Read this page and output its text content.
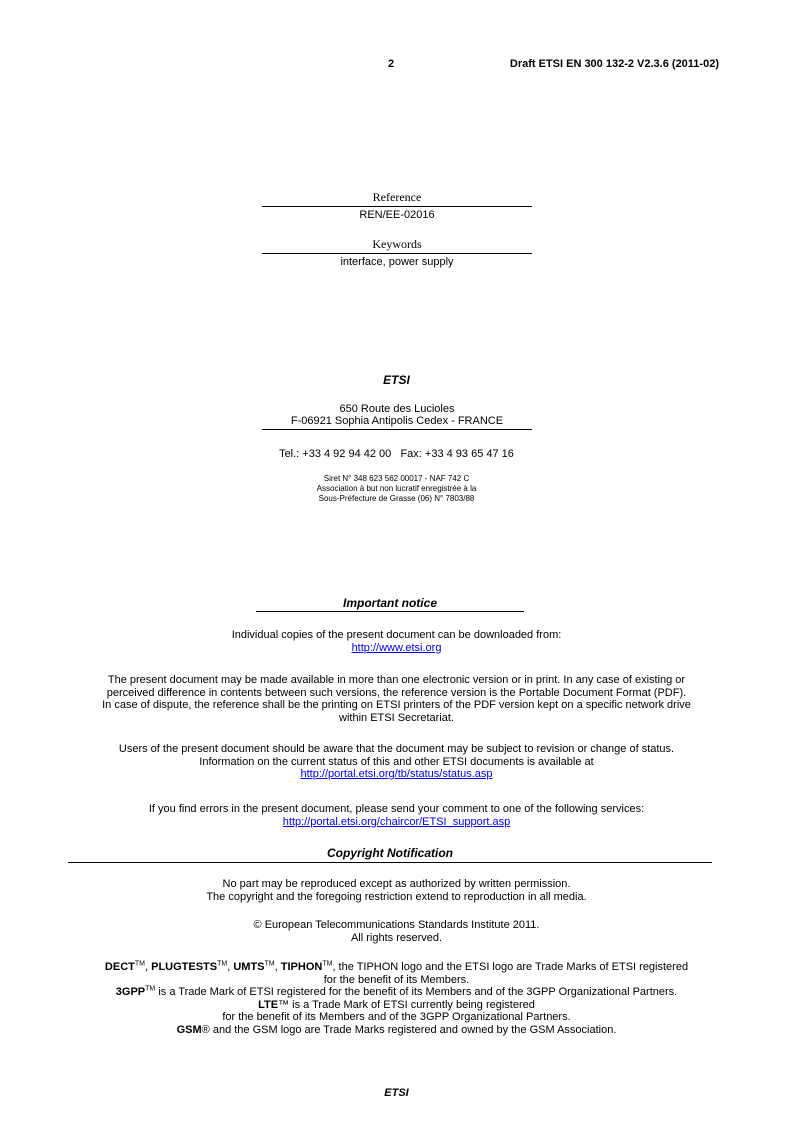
2	Draft ETSI EN 300 132-2 V2.3.6 (2011-02)
Reference
REN/EE-02016
Keywords
interface, power supply
ETSI
650 Route des Lucioles
F-06921 Sophia Antipolis Cedex - FRANCE
Tel.: +33 4 92 94 42 00   Fax: +33 4 93 65 47 16
Siret N° 348 623 562 00017 - NAF 742 C
Association à but non lucratif enregistrée à la
Sous-Préfecture de Grasse (06) N° 7803/88
Important notice
Individual copies of the present document can be downloaded from:
http://www.etsi.org
The present document may be made available in more than one electronic version or in print. In any case of existing or
perceived difference in contents between such versions, the reference version is the Portable Document Format (PDF).
In case of dispute, the reference shall be the printing on ETSI printers of the PDF version kept on a specific network drive
within ETSI Secretariat.
Users of the present document should be aware that the document may be subject to revision or change of status.
Information on the current status of this and other ETSI documents is available at
http://portal.etsi.org/tb/status/status.asp
If you find errors in the present document, please send your comment to one of the following services:
http://portal.etsi.org/chaircor/ETSI_support.asp
Copyright Notification
No part may be reproduced except as authorized by written permission.
The copyright and the foregoing restriction extend to reproduction in all media.
© European Telecommunications Standards Institute 2011.
All rights reserved.
DECT™, PLUGTESTS™, UMTS™, TIPHON™, the TIPHON logo and the ETSI logo are Trade Marks of ETSI registered
for the benefit of its Members.
3GPP™ is a Trade Mark of ETSI registered for the benefit of its Members and of the 3GPP Organizational Partners.
LTE™ is a Trade Mark of ETSI currently being registered
for the benefit of its Members and of the 3GPP Organizational Partners.
GSM® and the GSM logo are Trade Marks registered and owned by the GSM Association.
ETSI
